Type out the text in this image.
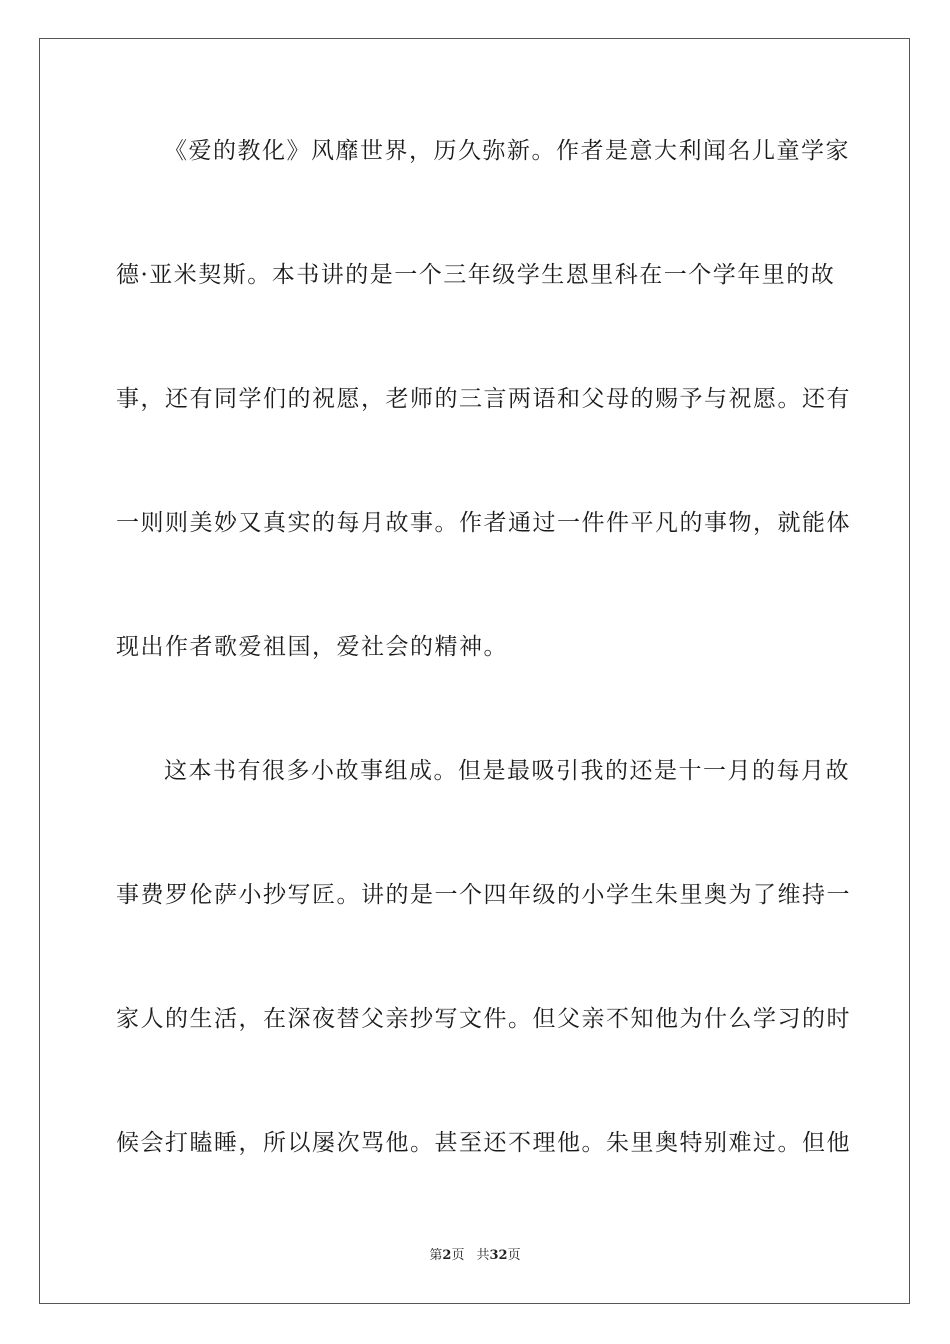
《爱的教化》风靡世界，历久弥新。作者是意大利闻名儿童学家
德·亚米契斯。本书讲的是一个三年级学生恩里科在一个学年里的故
事，还有同学们的祝愿，老师的三言两语和父母的赐予与祝愿。还有
一则则美妙又真实的每月故事。作者通过一件件平凡的事物，就能体
现出作者歌爱祖国，爱社会的精神。
这本书有很多小故事组成。但是最吸引我的还是十一月的每月故
事费罗伦萨小抄写匠。讲的是一个四年级的小学生朱里奥为了维持一
家人的生活，在深夜替父亲抄写文件。但父亲不知他为什么学习的时
候会打瞌睡，所以屡次骂他。甚至还不理他。朱里奥特别难过。但他
第2页 共32页
